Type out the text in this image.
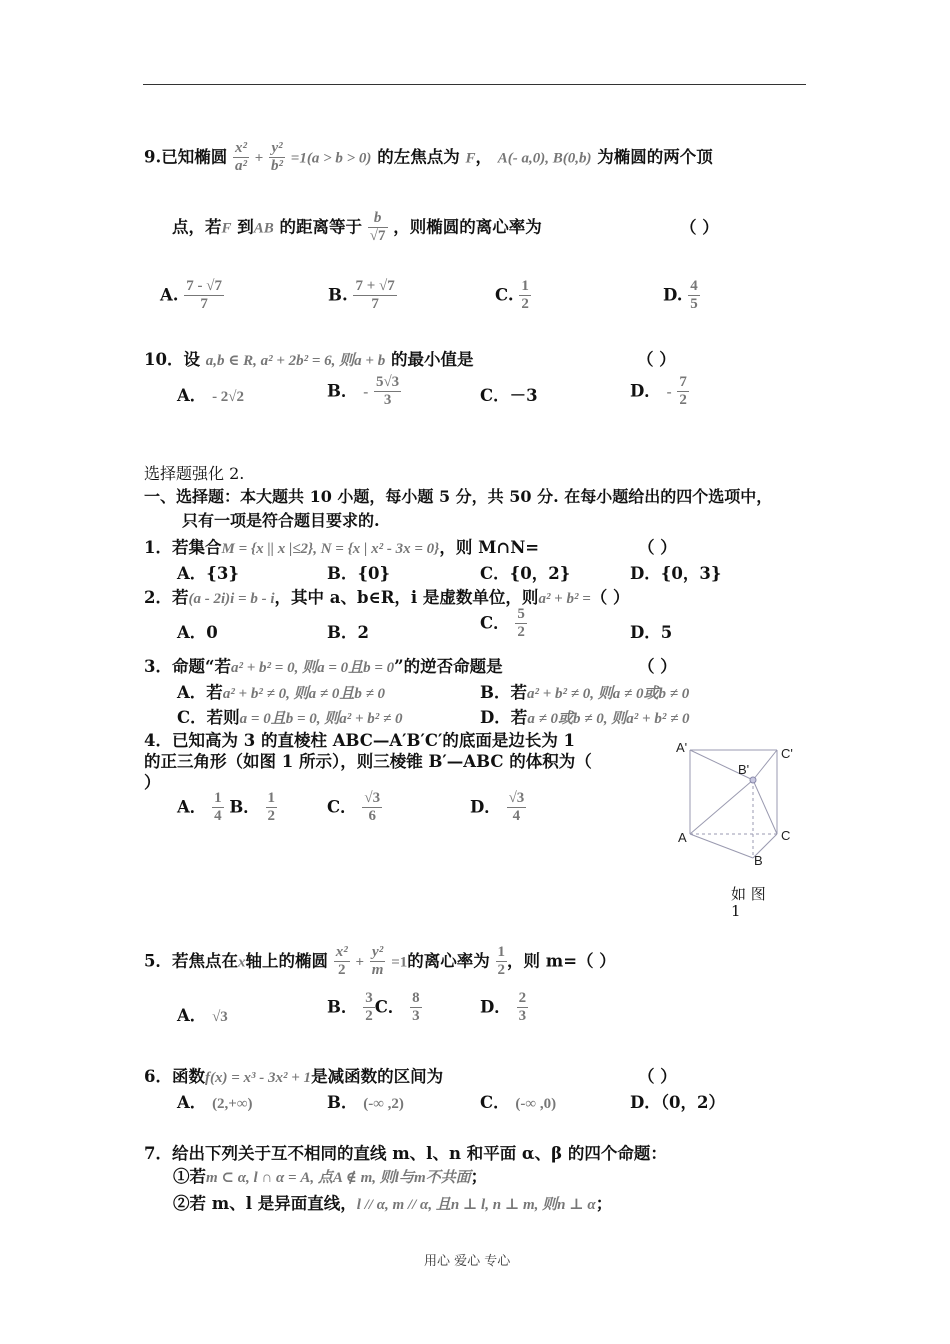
9.已知椭圆 $\frac{\text{x²}}{\text{a²}} + \frac{\text{y²}}{\text{b²}} =1(a > b > 0)$ 的左焦点为 F， A(- a,0), B(0,b) 为椭圆的两个顶
点，若F 到AB 的距离等于 $\frac{b}{√7}$ ，则椭圆的离心率为	（ ）
A. $\frac{7 - √7}{7}$	B. $\frac{7 + √7}{7}$	C. $\frac{1}{2}$	D. $\frac{4}{5}$
10．设 a,b ∈ R, a² + 2b² = 6, 则a + b 的最小值是	（ ）
A． - 2√2	B． - $\frac{5√3}{3}$	C．－3	D． - $\frac{7}{2}$
选择题强化 2.
一、选择题：本大题共 10 小题，每小题 5 分，共 50 分. 在每小题给出的四个选项中，
只有一项是符合题目要求的.
1．若集合M = {x || x |≤2}, N = {x | x² - 3x = 0}，则 M∩N=	（ ）
A．{3}	B．{0}	C．{0，2}	D．{0，3}
2．若(a - 2i)i = b - i，其中 a、b∈R，i 是虚数单位，则a² + b² =（ ）
A．0	B．2
C． $\frac{5}{2}$	D．5
3．命题“若a² + b² = 0, 则a = 0且b = 0”的逆否命题是	（ ）
A．若a² + b² ≠ 0, 则a ≠ 0且b ≠ 0	B．若a² + b² ≠ 0, 则a ≠ 0或b ≠ 0
C．若则a = 0且b = 0, 则a² + b² ≠ 0	D．若a ≠ 0或b ≠ 0, 则a² + b² ≠ 0
4．已知高为 3 的直棱柱 ABC—A′B′C′的底面是边长为 1
的正三角形（如图 1 所示），则三棱锥 B′—ABC 的体积为（
）
A． $\frac{1}{4}$ B． $\frac{1}{2}$	C． $\frac{√3}{6}$	D． $\frac{√3}{4}$
A'	C'
B'
A	C
B
如 图
1
5．若焦点在x轴上的椭圆 $\frac{\text{x²}}{2} + \frac{\text{y²}}{m} =1$的离心率为 $\frac{1}{2}$ ，则 m=（ ）
A． √3
B． $\frac{3}{2}$ C． $\frac{8}{3}$	D． $\frac{2}{3}$
6．函数f(x) = x³ - 3x² + 1是减函数的区间为	（ ）
A． (2,+∞)	B． (-∞ ,2)	C． (-∞ ,0)	D．（0，2）
7．给出下列关于互不相同的直线 m、l、n 和平面 α、β 的四个命题：
①若m ⊂ α, l ∩ α = A, 点A ∉ m, 则l与m不共面；
②若 m、l 是异面直线，l // α, m // α, 且n ⊥ l, n ⊥ m, 则n ⊥ α；
用心 爱心 专心
